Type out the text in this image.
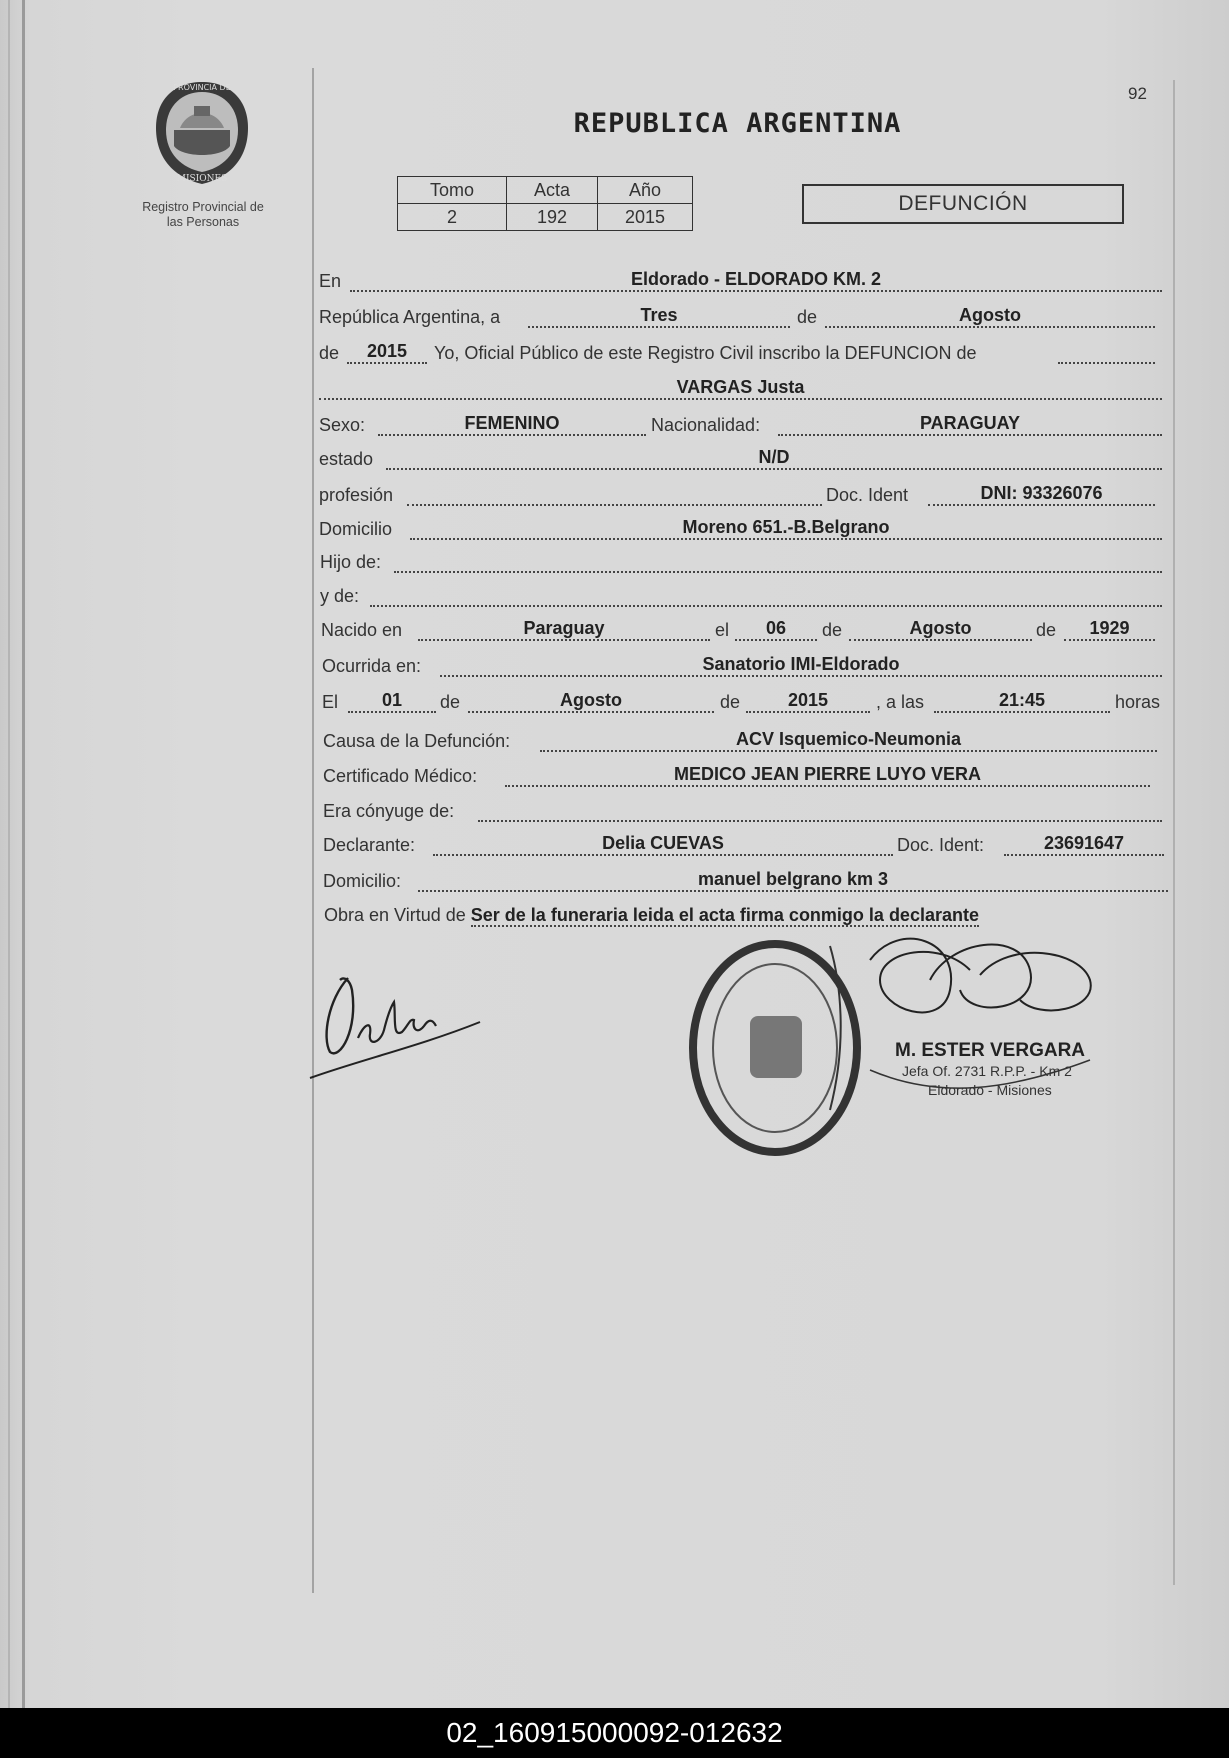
PROVINCIA DE
MISIONES
Registro Provincial de
las Personas
92
REPUBLICA ARGENTINA
Tomo	Acta	Año
2	192	2015
DEFUNCIÓN
En	Eldorado - ELDORADO KM. 2
República Argentina, a	Tres	de	Agosto
de	2015	Yo, Oficial Público de este Registro Civil inscribo la DEFUNCION de
VARGAS Justa
Sexo:	FEMENINO	Nacionalidad:	PARAGUAY
estado	N/D
profesión	Doc. Ident	DNI: 93326076
Domicilio	Moreno 651.-B.Belgrano
Hijo de:
y de:
Nacido en	Paraguay	el	06	de	Agosto	de	1929
Ocurrida en:	Sanatorio IMI-Eldorado
El	01	de	Agosto	de	2015	, a las	21:45	horas
Causa de la Defunción:	ACV Isquemico-Neumonia
Certificado Médico:	MEDICO JEAN PIERRE LUYO VERA
Era cónyuge de:
Declarante:	Delia CUEVAS	Doc. Ident:	23691647
Domicilio:	manuel belgrano km 3
Obra en Virtud de Ser de la funeraria leida el acta firma conmigo la declarante
M. ESTER VERGARA
Jefa Of. 2731 R.P.P. - Km 2
Eldorado - Misiones
02_160915000092-012632
